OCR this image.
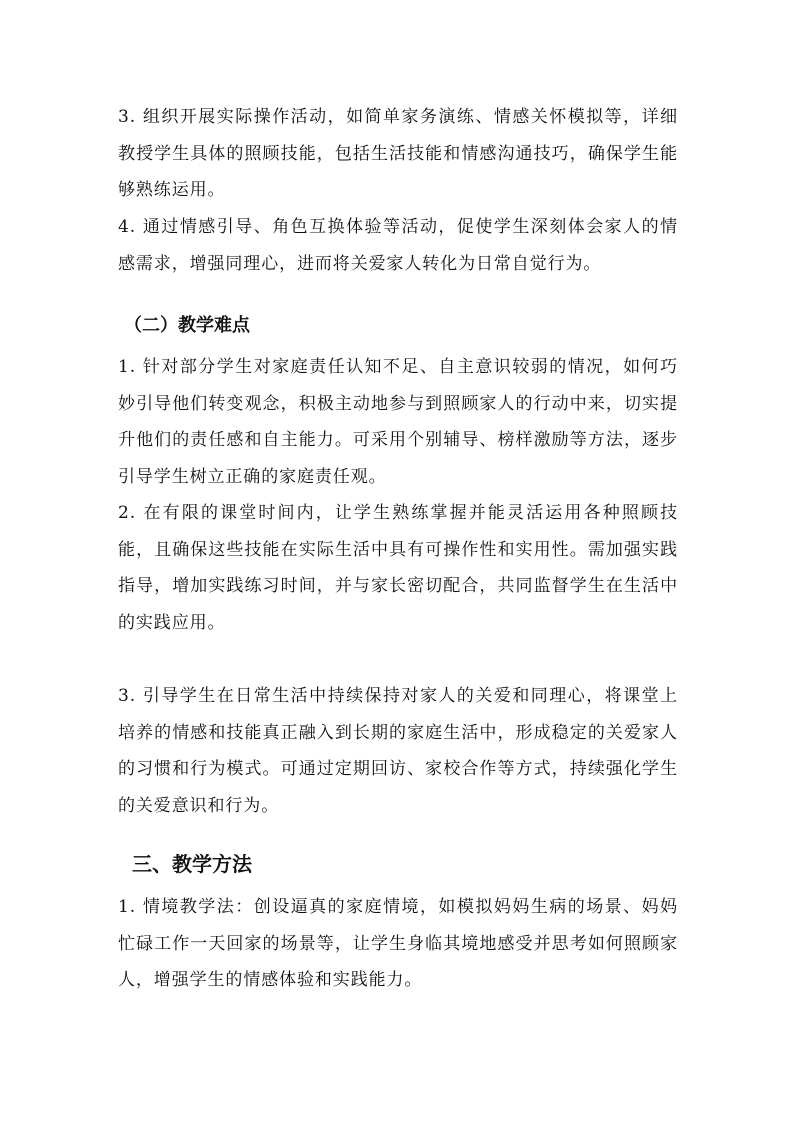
3. 组织开展实际操作活动，如简单家务演练、情感关怀模拟等，详细教授学生具体的照顾技能，包括生活技能和情感沟通技巧，确保学生能够熟练运用。

4. 通过情感引导、角色互换体验等活动，促使学生深刻体会家人的情感需求，增强同理心，进而将关爱家人转化为日常自觉行为。

（二）教学难点

1. 针对部分学生对家庭责任认知不足、自主意识较弱的情况，如何巧妙引导他们转变观念，积极主动地参与到照顾家人的行动中来，切实提升他们的责任感和自主能力。可采用个别辅导、榜样激励等方法，逐步引导学生树立正确的家庭责任观。

2. 在有限的课堂时间内，让学生熟练掌握并能灵活运用各种照顾技能，且确保这些技能在实际生活中具有可操作性和实用性。需加强实践指导，增加实践练习时间，并与家长密切配合，共同监督学生在生活中的实践应用。

3. 引导学生在日常生活中持续保持对家人的关爱和同理心，将课堂上培养的情感和技能真正融入到长期的家庭生活中，形成稳定的关爱家人的习惯和行为模式。可通过定期回访、家校合作等方式，持续强化学生的关爱意识和行为。

三、教学方法

1. 情境教学法：创设逼真的家庭情境，如模拟妈妈生病的场景、妈妈忙碌工作一天回家的场景等，让学生身临其境地感受并思考如何照顾家人，增强学生的情感体验和实践能力。
